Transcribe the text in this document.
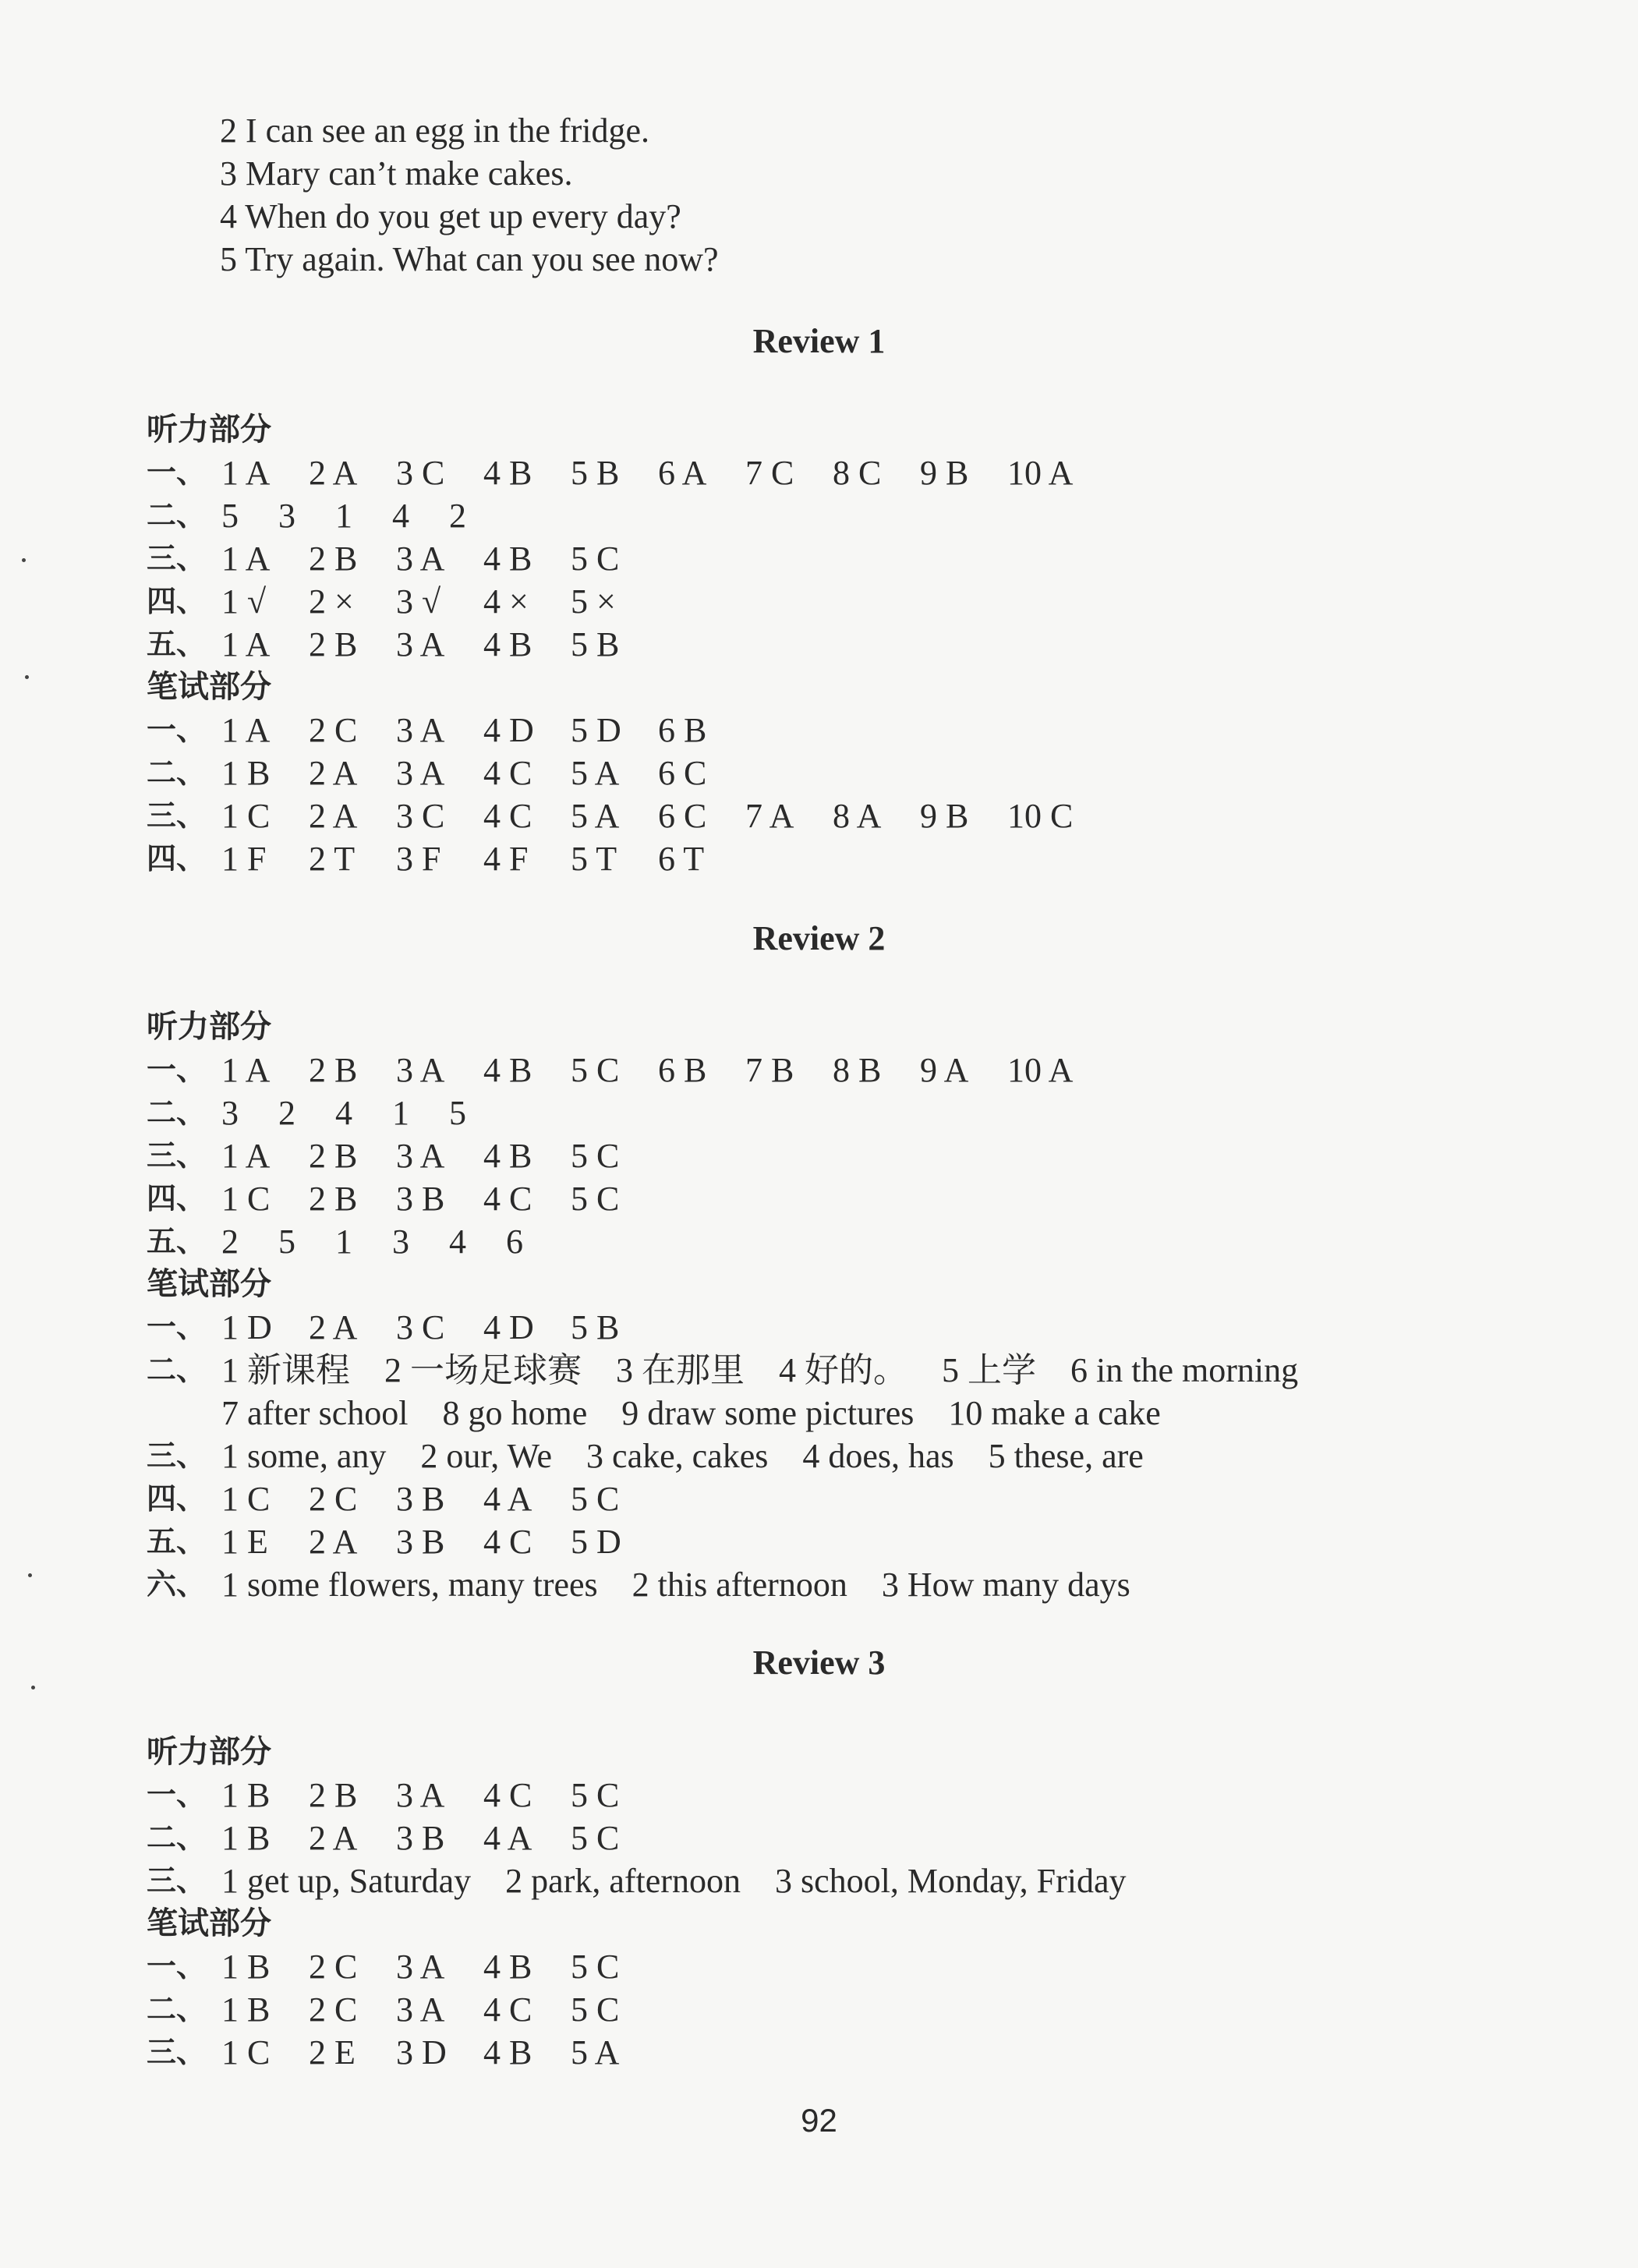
2 I can see an egg in the fridge.
3 Mary can’t make cakes.
4 When do you get up every day?
5 Try again. What can you see now?
Review 1
听力部分
一、 1 A	2 A	3 C	4 B	5 B	6 A	7 C	8 C	9 B	10 A
二、 5	3	1	4	2
三、 1 A	2 B	3 A	4 B	5 C
四、 1 √	2 ×	3 √	4 ×	5 ×
五、 1 A	2 B	3 A	4 B	5 B
笔试部分
一、 1 A	2 C	3 A	4 D	5 D	6 B
二、 1 B	2 A	3 A	4 C	5 A	6 C
三、 1 C	2 A	3 C	4 C	5 A	6 C	7 A	8 A	9 B	10 C
四、 1 F	2 T	3 F	4 F	5 T	6 T
Review 2
听力部分
一、 1 A	2 B	3 A	4 B	5 C	6 B	7 B	8 B	9 A	10 A
二、 3	2	4	1	5
三、 1 A	2 B	3 A	4 B	5 C
四、 1 C	2 B	3 B	4 C	5 C
五、 2	5	1	3	4	6
笔试部分
一、 1 D	2 A	3 C	4 D	5 B
二、 1 新课程 2 一场足球赛 3 在那里 4 好的。 5 上学 6 in the morning
7 after school 8 go home 9 draw some pictures 10 make a cake
三、 1 some, any 2 our, We 3 cake, cakes 4 does, has 5 these, are
四、 1 C	2 C	3 B	4 A	5 C
五、 1 E	2 A	3 B	4 C	5 D
六、 1 some flowers, many trees 2 this afternoon 3 How many days
Review 3
听力部分
一、 1 B	2 B	3 A	4 C	5 C
二、 1 B	2 A	3 B	4 A	5 C
三、 1 get up, Saturday 2 park, afternoon 3 school, Monday, Friday
笔试部分
一、 1 B	2 C	3 A	4 B	5 C
二、 1 B	2 C	3 A	4 C	5 C
三、 1 C	2 E	3 D	4 B	5 A
92
